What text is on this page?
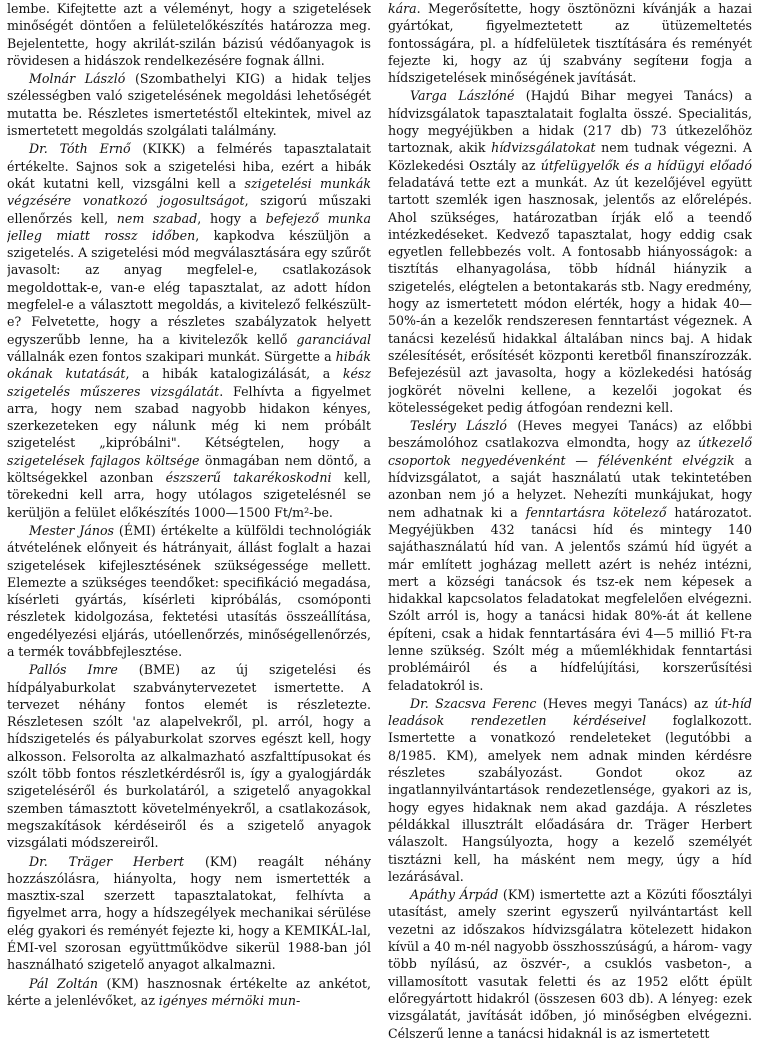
lembe. Kifejtette azt a véleményt, hogy a szigetelések minőségét döntően a felületelőkészítés határozza meg. Bejelentette, hogy akrilát-szilán bázisú védőanyagok is rövidesen a hidászok rendelkezésére fognak állni.

Molnár László (Szombathelyi KIG) a hidak teljes szélességben való szigetelésének megoldási lehetőségét mutatta be. Részletes ismertetéstől eltekintek, mivel az ismertetett megoldás szolgálati találmány.

Dr. Tóth Ernő (KIKK) a felmérés tapasztalatait értékelte. Sajnos sok a szigetelési hiba, ezért a hibák okát kutatni kell, vizsgálni kell a szigetelési munkák végzésére vonatkozó jogosultságot, szigorú műszaki ellenőrzés kell, nem szabad, hogy a befejező munka jelleg miatt rossz időben, kapkodva készüljön a szigetelés. A szigetelési mód megválasztására egy szűrőt javasolt: az anyag megfelel-e, csatlakozások megoldottak-e, van-e elég tapasztalat, az adott hídon megfelel-e a választott megoldás, a kivitelező felkészült-e? Felvetette, hogy a részletes szabályzatok helyett egyszerűbb lenne, ha a kivitelezők kellő garanciával vállalnák ezen fontos szakipari munkát. Sürgette a hibák okának kutatását, a hibák katalogizálását, a kész szigetelés műszeres vizsgálatát. Felhívta a figyelmet arra, hogy nem szabad nagyobb hidakon kényes, szerkezeteken egy nálunk még ki nem próbált szigetelést „kipróbálni". Kétségtelen, hogy a szigetelések fajlagos költsége önmagában nem döntő, a költségekkel azonban észszerű takarékoskodni kell, törekedni kell arra, hogy utólagos szigetelésnél se kerüljön a felület előkészítés 1000—1500 Ft/m²-be.

Mester János (ÉMI) értékelte a külföldi technológiák átvételének előnyeit és hátrányait, állást foglalt a hazai szigetelések kifejlesztésének szükségessége mellett. Elemezte a szükséges teendőket: specifikáció megadása, kísérleti gyártás, kísérleti kipróbálás, csomóponti részletek kidolgozása, fektetési utasítás összeállítása, engedélyezési eljárás, utóellenőrzés, minőségellenőrzés, a termék továbbfejlesztése.

Pallós Imre (BME) az új szigetelési és hídpályaburkolat szabványtervezetet ismertette. A tervezet néhány fontos elemét is részletezte. Részletesen szólt 'az alapelvekről, pl. arról, hogy a hídszigetelés és pályaburkolat szorves egészt kell, hogy alkosson. Felsorolta az alkalmazható aszfalttípusokat és szólt több fontos részletkérdésről is, így a gyalogjárdák szigeteléséről és burkolatáról, a szigetelő anyagokkal szemben támasztott követelményekről, a csatlakozások, megszakítások kérdéseiről és a szigetelő anyagok vizsgálati módszereiről.

Dr. Träger Herbert (KM) reagált néhány hozzászólásra, hiányolta, hogy nem ismertették a masztix-szal szerzett tapasztalatokat, felhívta a figyelmet arra, hogy a hídszegélyek mechanikai sérülése elég gyakori és reményét fejezte ki, hogy a KEMIKÁL-lal, ÉMI-vel szorosan együttműködve sikerül 1988-ban jól használható szigetelő anyagot alkalmazni.

Pál Zoltán (KM) hasznosnak értékelte az ankétot, kérte a jelenlévőket, az igényes mérnöki mun-

kára. Megerősítette, hogy ösztönözni kívánják a hazai gyártókat, figyelmeztetett az ütüzemeltetés fontosságára, pl. a hídfelületek tisztítására és reményét fejezte ki, hogy az új szabvány segítени fogja a hídszigetelések minőségének javítását.

Varga Lászlóné (Hajdú Bihar megyei Tanács) a hídvizsgálatok tapasztalatait foglalta összé. Specialitás, hogy megyéjükben a hidak (217 db) 73 útkezelőhöz tartoznak, akik hídvizsgálatokat nem tudnak végezni. A Közlekedési Osztály az útfelügyelők és a hídügyi előadó feladatává tette ezt a munkát. Az út kezelőjével együtt tartott szemlék igen hasznosak, jelentős az előrelépés. Ahol szükséges, határozatban írják elő a teendő intézkedéseket. Kedvező tapasztalat, hogy eddig csak egyetlen fellebbezés volt. A fontosabb hiányosságok: a tisztítás elhanyagolása, több hídnál hiányzik a szigetelés, elégtelen a betontakarás stb. Nagy eredmény, hogy az ismertetett módon elérték, hogy a hidak 40—50%-án a kezelők rendszeresen fenntartást végeznek. A tanácsi kezelésű hidakkal általában nincs baj. A hidak szélesítését, erősítését központi keretből finanszírozzák. Befejezésül azt javasolta, hogy a közlekedési hatóság jogkörét növelni kellene, a kezelői jogokat és kötelességeket pedig átfogóan rendezni kell.

Tesléry László (Heves megyei Tanács) az előbbi beszámolóhoz csatlakozva elmondta, hogy az útkezelő csoportok negyedévenként — félévenként elvégzik a hídvizsgálatot, a saját használatú utak tekintetében azonban nem jó a helyzet. Nehezíti munkájukat, hogy nem adhatnak ki a fenntartásra kötelező határozatot. Megyéjükben 432 tanácsi híd és mintegy 140 sajáthasználatú híd van. A jelentős számú híd ügyét a már említett jogházag mellett azért is nehéz intézni, mert a községi tanácsok és tsz-ek nem képesek a hidakkal kapcsolatos feladatokat megfelelően elvégezni. Szólt arról is, hogy a tanácsi hidak 80%-át át kellene építeni, csak a hidak fenntartására évi 4—5 millió Ft-ra lenne szükség. Szólt még a műemlékhidak fenntartási problémáiról és a hídfelújítási, korszerűsítési feladatokról is.

Dr. Szacsva Ferenc (Heves megyi Tanács) az út-híd leadások rendezetlen kérdéseivel foglalkozott. Ismertette a vonatkozó rendeleteket (legutóbbi a 8/1985. KM), amelyek nem adnak minden kérdésre részletes szabályozást. Gondot okoz az ingatlannyilvántartások rendezetlensége, gyakori az is, hogy egyes hidaknak nem akad gazdája. A részletes példákkal illusztrált előadására dr. Träger Herbert válaszolt. Hangsúlyozta, hogy a kezelő személyét tisztázni kell, ha másként nem megy, úgy a híd lezárásával.

Apáthy Árpád (KM) ismertette azt a Közúti főosztályi utasítást, amely szerint egyszerű nyilvántartást kell vezetni az időszakos hídvizsgálatra kötelezett hidakon kívül a 40 m-nél nagyobb összhosszúságú, a három- vagy több nyílású, az öszvér-, a csuklós vasbeton-, a villamosított vasutak feletti és az 1952 előtt épült előregyártott hidakról (összesen 603 db). A lényeg: ezek vizsgálatát, javítását időben, jó minőségben elvégezni. Célszerű lenne a tanácsi hidaknál is az ismertetett
